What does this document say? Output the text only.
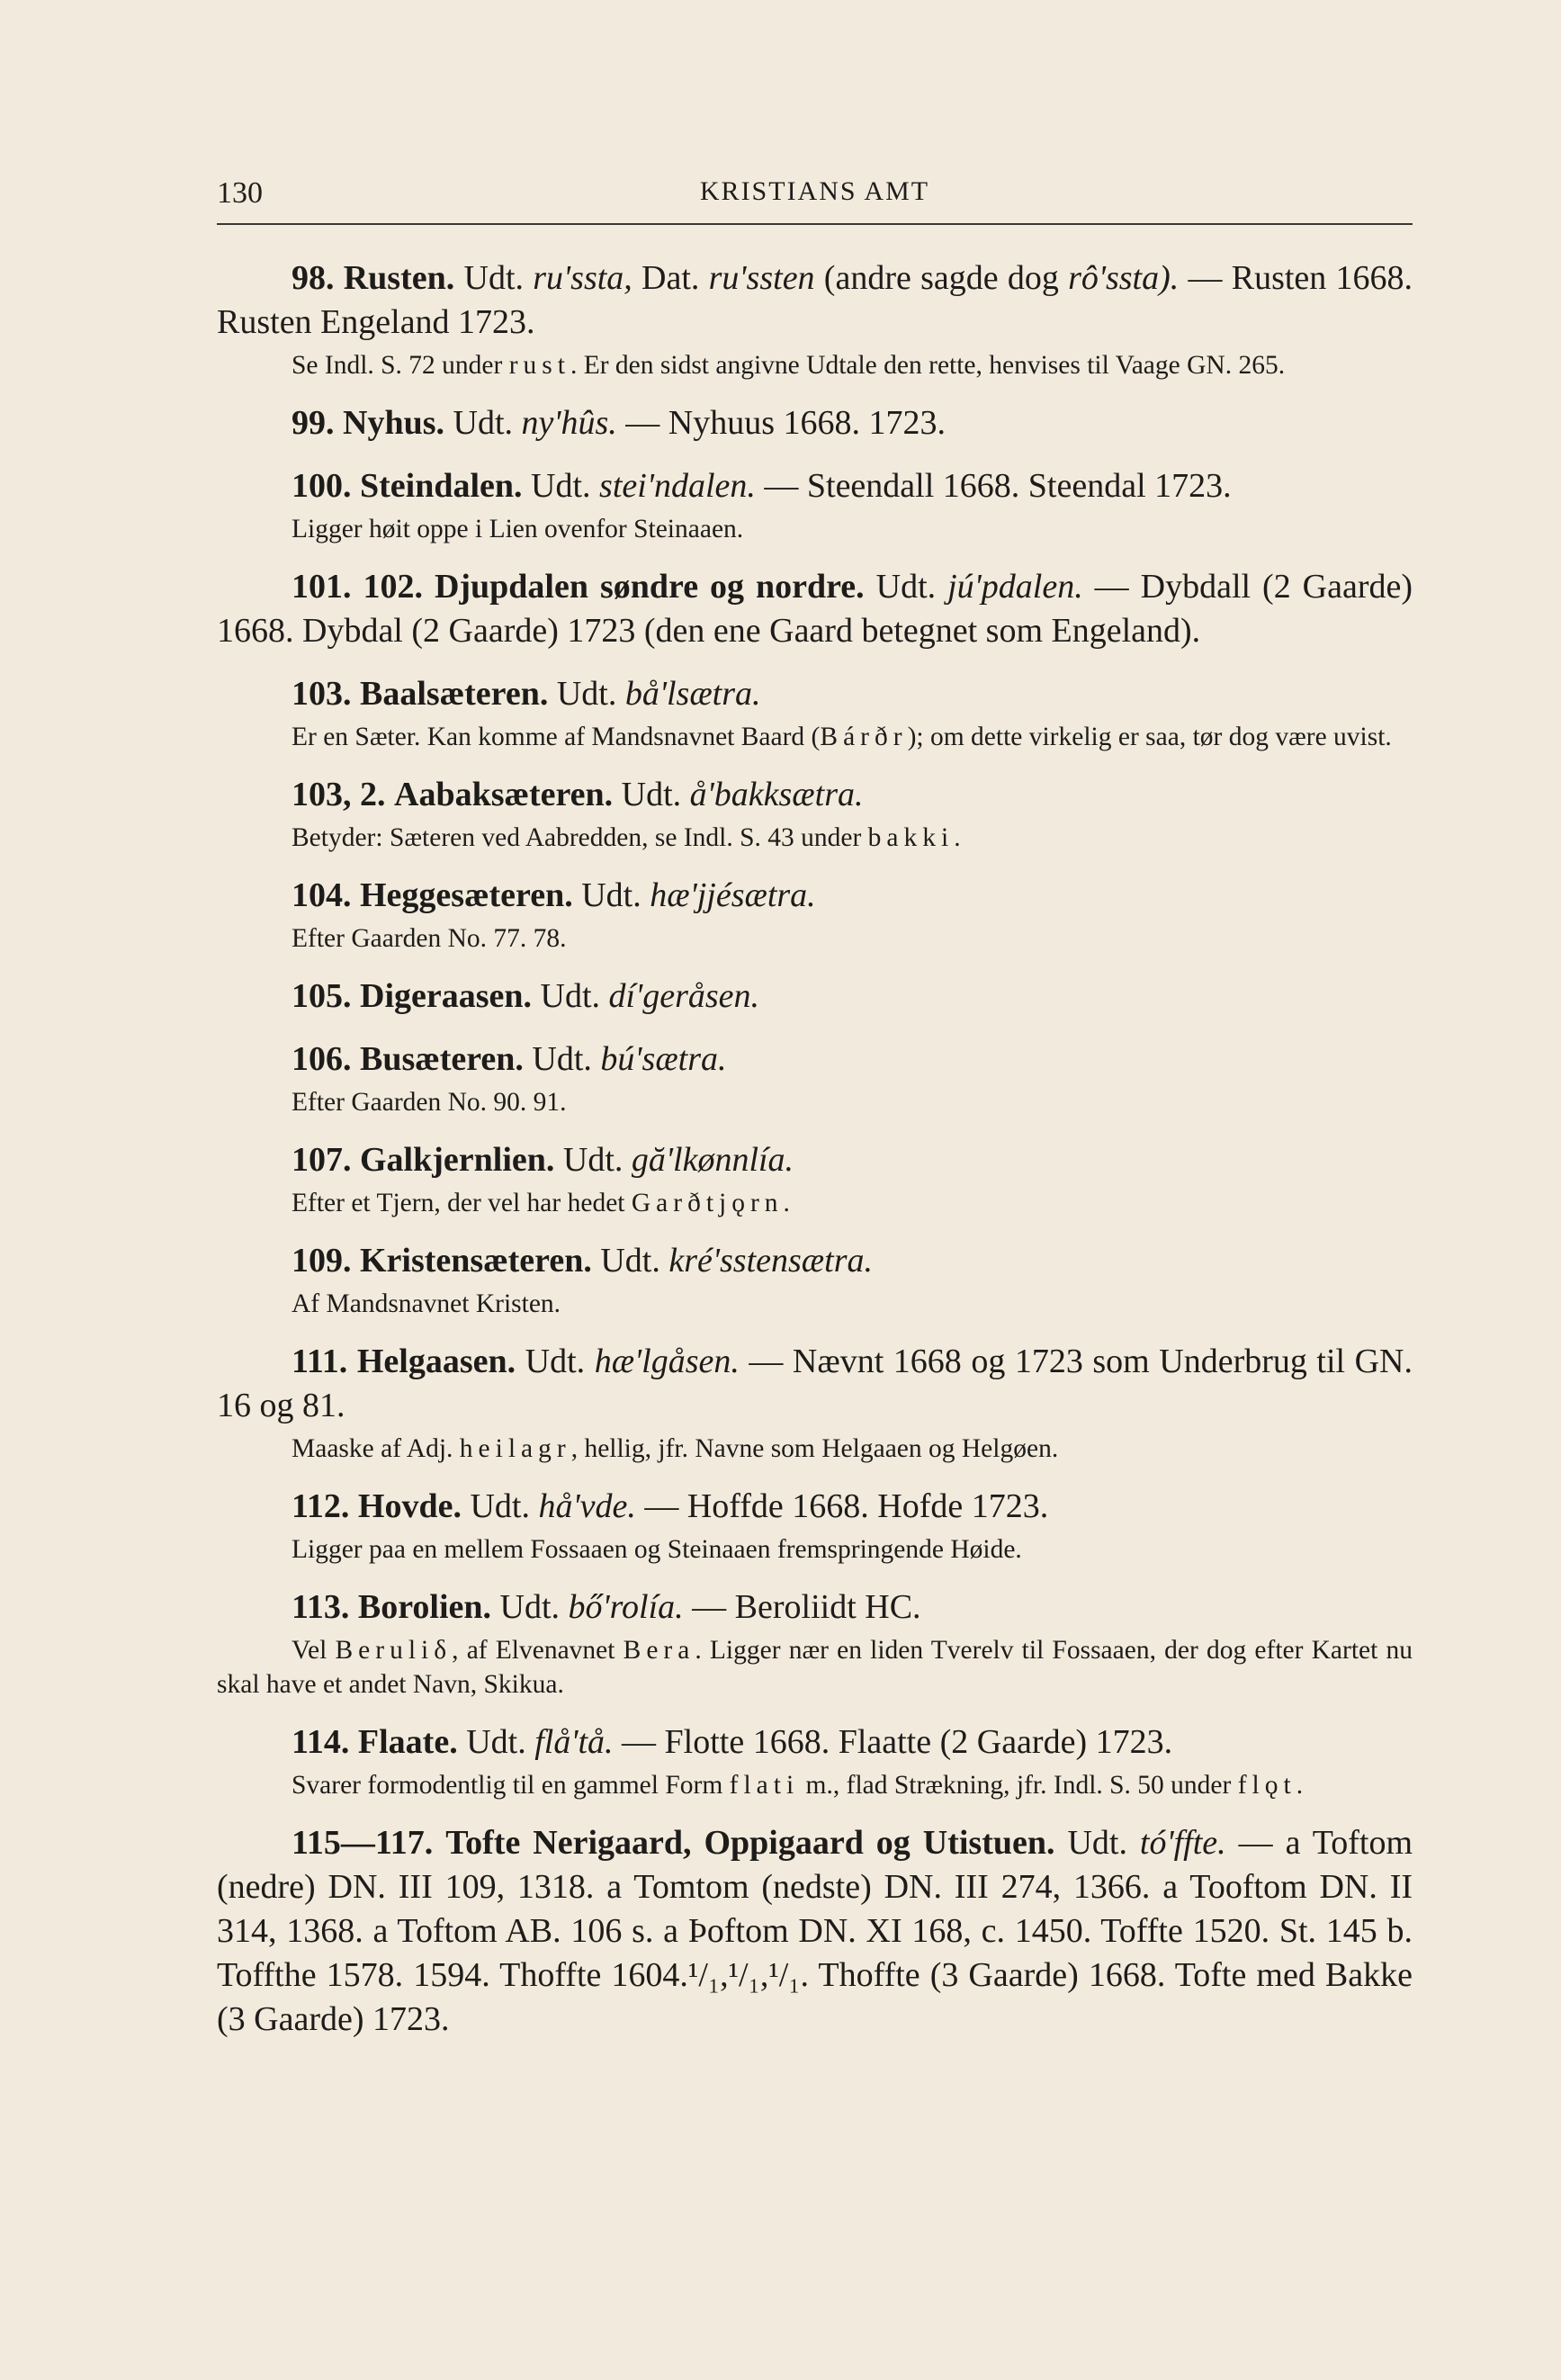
130	KRISTIANS AMT

98. Rusten. Udt. ru'ssta, Dat. ru'ssten (andre sagde dog rô'ssta). — Rusten 1668. Rusten Engeland 1723.

Se Indl. S. 72 under rust. Er den sidst angivne Udtale den rette, henvises til Vaage GN. 265.

99. Nyhus. Udt. ny'hûs. — Nyhuus 1668. 1723.

100. Steindalen. Udt. stei'ndalen. — Steendall 1668. Steendal 1723.

Ligger høit oppe i Lien ovenfor Steinaaen.

101. 102. Djupdalen søndre og nordre. Udt. jú'pdalen. — Dybdall (2 Gaarde) 1668. Dybdal (2 Gaarde) 1723 (den ene Gaard betegnet som Engeland).

103. Baalsæteren. Udt. bå'lsætra.

Er en Sæter. Kan komme af Mandsnavnet Baard (Bárðr); om dette virkelig er saa, tør dog være uvist.

103, 2. Aabaksæteren. Udt. å'bakksætra.

Betyder: Sæteren ved Aabredden, se Indl. S. 43 under bakki.

104. Heggesæteren. Udt. hæ'jjésætra.

Efter Gaarden No. 77. 78.

105. Digeraasen. Udt. dí'geråsen.

106. Busæteren. Udt. bú'sætra.

Efter Gaarden No. 90. 91.

107. Galkjernlien. Udt. gă'lkønnlía.

Efter et Tjern, der vel har hedet Garðtjǫrn.

109. Kristensæteren. Udt. kré'sstensætra.

Af Mandsnavnet Kristen.

111. Helgaasen. Udt. hæ'lgåsen. — Nævnt 1668 og 1723 som Underbrug til GN. 16 og 81.

Maaske af Adj. heilagr, hellig, jfr. Navne som Helgaaen og Helgøen.

112. Hovde. Udt. hå'vde. — Hoffde 1668. Hofde 1723.

Ligger paa en mellem Fossaaen og Steinaaen fremspringende Høide.

113. Borolien. Udt. bő'rolía. — Beroliidt HC.

Vel Beruliδ, af Elvenavnet Bera. Ligger nær en liden Tverelv til Fossaaen, der dog efter Kartet nu skal have et andet Navn, Skikua.

114. Flaate. Udt. flå'tå. — Flotte 1668. Flaatte (2 Gaarde) 1723.

Svarer formodentlig til en gammel Form flati m., flad Strækning, jfr. Indl. S. 50 under flǫt.

115—117. Tofte Nerigaard, Oppigaard og Utistuen. Udt. tó'ffte. — a Toftom (nedre) DN. III 109, 1318. a Tomtom (nedste) DN. III 274, 1366. a Tooftom DN. II 314, 1368. a Toftom AB. 106 s. a Þoftom DN. XI 168, c. 1450. Toffte 1520. St. 145 b. Toffthe 1578. 1594. Thoffte 1604.¹/₁,¹/₁,¹/₁. Thoffte (3 Gaarde) 1668. Tofte med Bakke (3 Gaarde) 1723.
